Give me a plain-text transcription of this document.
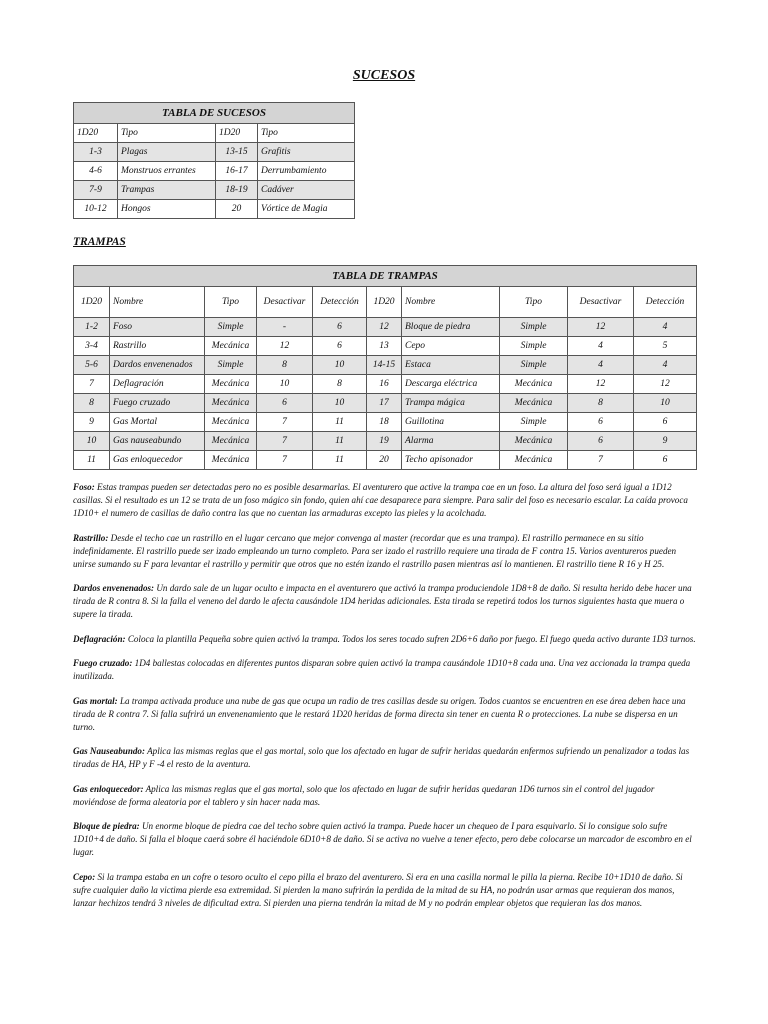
SUCESOS
TABLA DE SUCESOS			
1D20	Tipo	1D20	Tipo
1-3	Plagas	13-15	Grafitis
4-6	Monstruos errantes	16-17	Derrumbamiento
7-9	Trampas	18-19	Cadáver
10-12	Hongos	20	Vórtice de Magia
TRAMPAS
TABLA DE TRAMPAS									
1D20	Nombre	Tipo	Desactivar	Detección	1D20	Nombre	Tipo	Desactivar	Detección
1-2	Foso	Simple	-	6	12	Bloque de piedra	Simple	12	4
3-4	Rastrillo	Mecánica	12	6	13	Cepo	Simple	4	5
5-6	Dardos envenenados	Simple	8	10	14-15	Estaca	Simple	4	4
7	Deflagración	Mecánica	10	8	16	Descarga eléctrica	Mecánica	12	12
8	Fuego cruzado	Mecánica	6	10	17	Trampa mágica	Mecánica	8	10
9	Gas Mortal	Mecánica	7	11	18	Guillotina	Simple	6	6
10	Gas nauseabundo	Mecánica	7	11	19	Alarma	Mecánica	6	9
11	Gas enloquecedor	Mecánica	7	11	20	Techo apisonador	Mecánica	7	6

Foso: Estas trampas pueden ser detectadas pero no es posible desarmarlas. El aventurero que active la trampa cae en un foso. La altura del foso será igual a 1D12 casillas. Si el resultado es un 12 se trata de un foso mágico sin fondo, quien ahí cae desaparece para siempre. Para salir del foso es necesario escalar. La caída provoca 1D10+ el numero de casillas de daño contra las que no cuentan las armaduras excepto las pieles y la acolchada.

Rastrillo: Desde el techo cae un rastrillo en el lugar cercano que mejor convenga al master (recordar que es una trampa). El rastrillo permanece en su sitio indefinidamente. El rastrillo puede ser izado empleando un turno completo. Para ser izado el rastrillo requiere una tirada de F contra 15. Varios aventureros pueden unirse sumando su F para levantar el rastrillo y permitir que otros que no estén izando el rastrillo pasen mientras así lo mantienen. El rastrillo tiene R 16 y H 25.

Dardos envenenados: Un dardo sale de un lugar oculto e impacta en el aventurero que activó la trampa produciendole 1D8+8 de daño. Si resulta herido debe hacer una tirada de R contra 8. Si la falla el veneno del dardo le afecta causándole 1D4 heridas adicionales. Esta tirada se repetirá todos los turnos siguientes hasta que muera o supere la tirada.

Deflagración: Coloca la plantilla Pequeña sobre quien activó la trampa. Todos los seres tocado sufren 2D6+6 daño por fuego. El fuego queda activo durante 1D3 turnos.

Fuego cruzado: 1D4 ballestas colocadas en diferentes puntos disparan sobre quien activó la trampa causándole 1D10+8 cada una. Una vez accionada la trampa queda inutilizada.

Gas mortal: La trampa activada produce una nube de gas que ocupa un radio de tres casillas desde su origen. Todos cuantos se encuentren en ese área deben hace una tirada de R contra 7. Si falla sufrirá un envenenamiento que le restará 1D20 heridas de forma directa sin tener en cuenta R o protecciones. La nube se dispersa en un turno.

Gas Nauseabundo: Aplica las mismas reglas que el gas mortal, solo que los afectado en lugar de sufrir heridas quedarán enfermos sufriendo un penalizador a todas las tiradas de HA, HP y F -4 el resto de la aventura.

Gas enloquecedor: Aplica las mismas reglas que el gas mortal, solo que los afectado en lugar de sufrir heridas quedaran 1D6 turnos sin el control del jugador moviéndose de forma aleatoria por el tablero y sin hacer nada mas.

Bloque de piedra: Un enorme bloque de piedra cae del techo sobre quien activó la trampa. Puede hacer un chequeo de I para esquivarlo. Si lo consigue solo sufre 1D10+4 de daño. Si falla el bloque caerá sobre él haciéndole 6D10+8 de daño. Si se activa no vuelve a tener efecto, pero debe colocarse un marcador de escombro en el lugar.

Cepo: Si la trampa estaba en un cofre o tesoro oculto el cepo pilla el brazo del aventurero. Si era en una casilla normal le pilla la pierna. Recibe 10+1D10 de daño. Si sufre cualquier daño la victima pierde esa extremidad. Si pierden la mano sufrirán la perdida de la mitad de su HA, no podrán usar armas que requieran dos manos, lanzar hechizos tendrá 3 niveles de dificultad extra. Si pierden una pierna tendrán la mitad de M y no podrán emplear objetos que requieran las dos manos.
